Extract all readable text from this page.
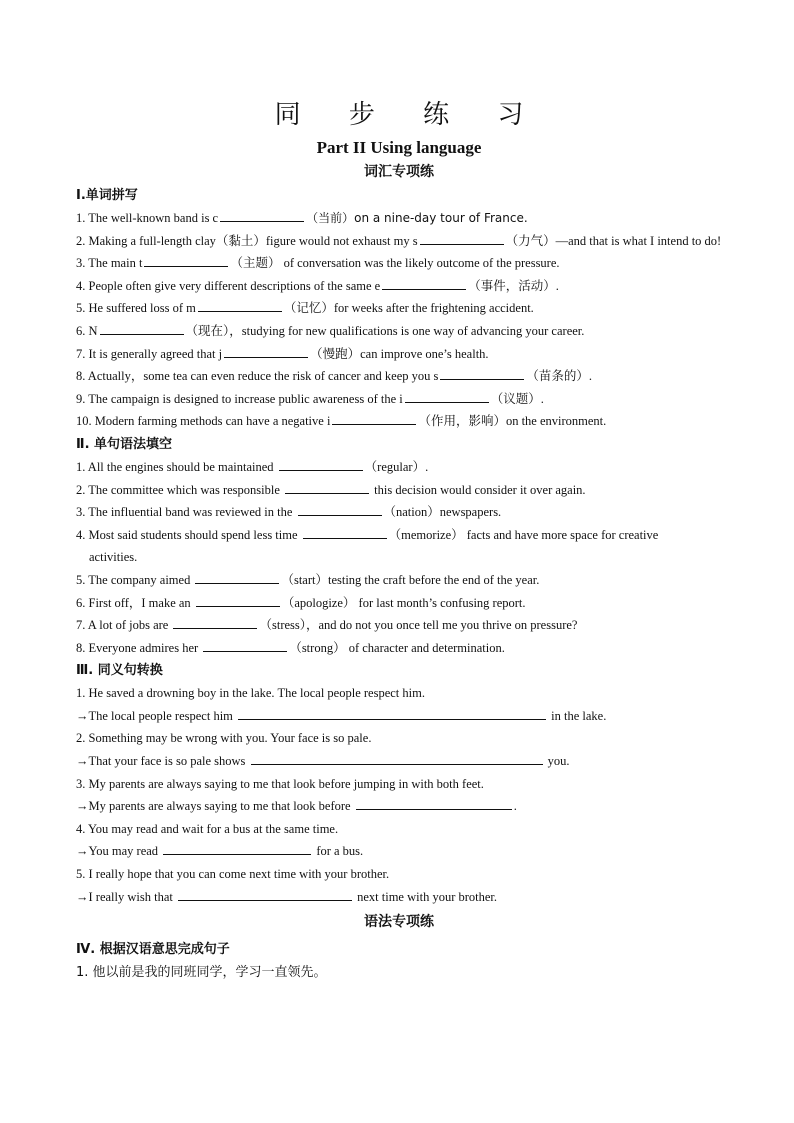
同 步 练 习
Part II Using language
词汇专项练
Ⅰ.单词拼写
1. The well-known band is c	（当前）on a nine-day tour of France.
2. Making a full-length clay（黏土）figure would not exhaust my s	（力气）—and that is what I intend to do!
3. The main t	（主题） of conversation was the likely outcome of the pressure.
4. People often give very different descriptions of the same e	（事件，活动）.
5. He suffered loss of m	（记忆）for weeks after the frightening accident.
6. N	（现在），studying for new qualifications is one way of advancing your career.
7. It is generally agreed that j	（慢跑）can improve one’s health.
8. Actually，some tea can even reduce the risk of cancer and keep you s	（苗条的）.
9. The campaign is designed to increase public awareness of the i	（议题）.
10. Modern farming methods can have a negative i	（作用，影响）on the environment.
Ⅱ. 单句语法填空
1. All the engines should be maintained	（regular）.
2. The committee which was responsible	this decision would consider it over again.
3. The influential band was reviewed in the	（nation）newspapers.
4. Most said students should spend less time	（memorize） facts and have more space for creative
activities.
5. The company aimed	（start）testing the craft before the end of the year.
6. First off，I make an	（apologize） for last month’s confusing report.
7. A lot of jobs are	（stress），and do not you once tell me you thrive on pressure?
8. Everyone admires her	（strong） of character and determination.
Ⅲ. 同义句转换
1. He saved a drowning boy in the lake. The local people respect him.
→The local people respect him	in the lake.
2. Something may be wrong with you. Your face is so pale.
→That your face is so pale shows	you.
3. My parents are always saying to me that look before jumping in with both feet.
→My parents are always saying to me that look before	.
4. You may read and wait for a bus at the same time.
→You may read	for a bus.
5. I really hope that you can come next time with your brother.
→I really wish that	next time with your brother.
语法专项练
Ⅳ. 根据汉语意思完成句子
1. 他以前是我的同班同学，学习一直领先。
